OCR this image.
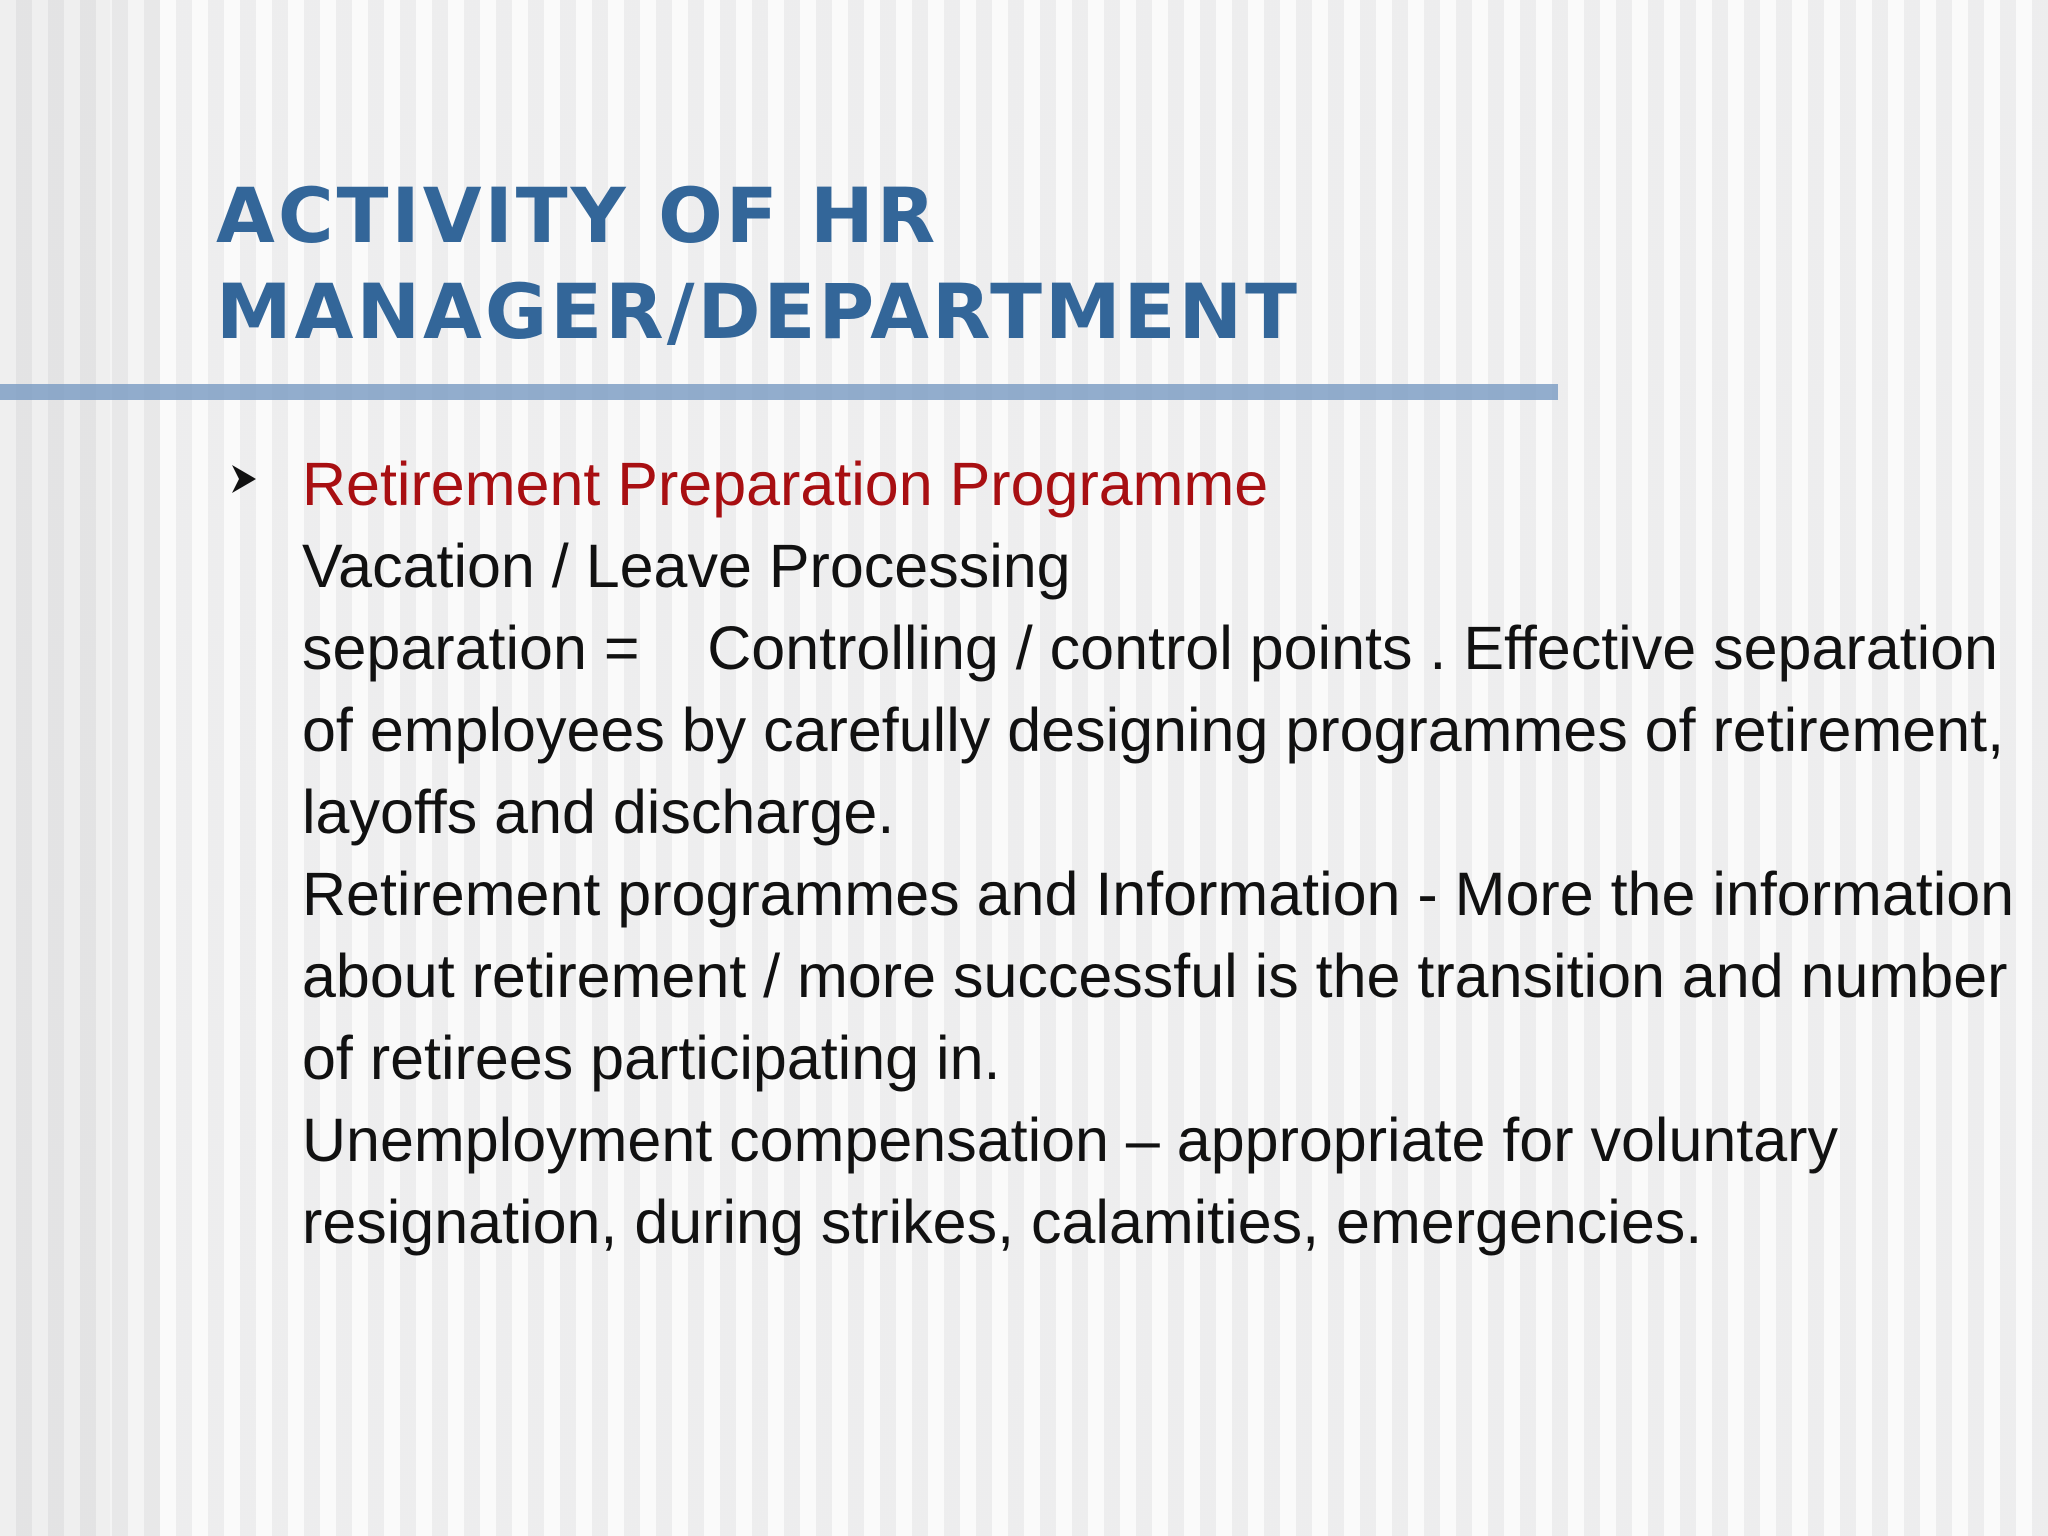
ACTIVITY OF HR
MANAGER/DEPARTMENT
Retirement Preparation Programme
Vacation / Leave Processing
separation =    Controlling / control points . Effective separation of employees by carefully designing programmes of retirement, layoffs and discharge.
Retirement programmes and Information - More the information about retirement / more successful is the transition and number of retirees participating in.
Unemployment compensation – appropriate for voluntary resignation, during strikes, calamities, emergencies.
